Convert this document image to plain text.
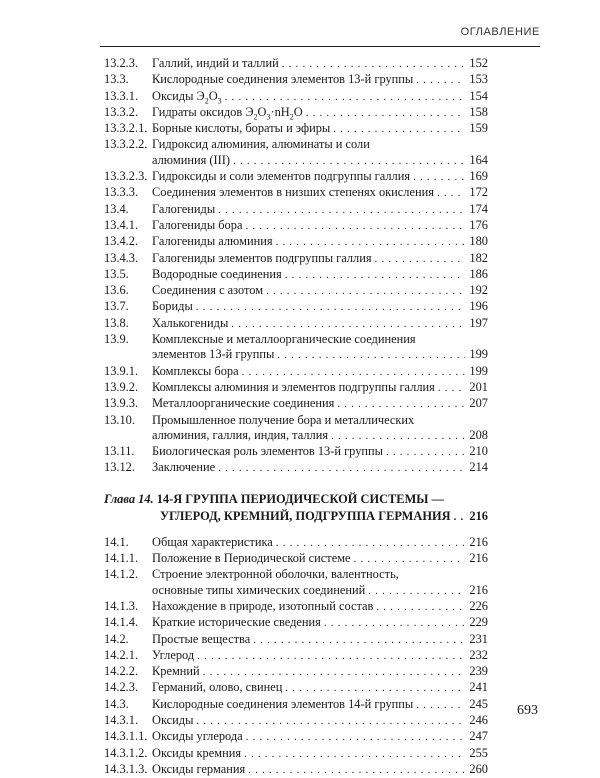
ОГЛАВЛЕНИЕ
13.2.3.	Галлий, индий и таллий . . .	152
13.3.	Кислородные соединения элементов 13-й группы . . .	153
13.3.1.	Оксиды $Э_2O_3$ . . .	154
13.3.2.	Гидраты оксидов $Э_2O_3\cdot nH_2O$ . . .	158
13.3.2.1. Борные кислоты, бораты и эфиры . . .	159
13.3.2.2. Гидроксид алюминия, алюминаты и соли
алюминия (III) . . .	164
13.3.2.3. Гидроксиды и соли элементов подгруппы галлия . . .	169
13.3.3.	Соединения элементов в низших степенях окисления . . .	172
13.4.	Галогениды . . .	174
13.4.1.	Галогениды бора . . .	176
13.4.2.	Галогениды алюминия . . .	180
13.4.3.	Галогениды элементов подгруппы галлия . . .	182
13.5.	Водородные соединения . . .	186
13.6.	Соединения с азотом . . .	192
13.7.	Бориды . . .	196
13.8.	Халькогениды . . .	197
13.9.	Комплексные и металлоорганические соединения
элементов 13-й группы . . .	199
13.9.1.	Комплексы бора . . .	199
13.9.2.	Комплексы алюминия и элементов подгруппы галлия . . .	201
13.9.3.	Металлоорганические соединения . . .	207
13.10.	Промышленное получение бора и металлических
алюминия, галлия, индия, таллия . . .	208
13.11.	Биологическая роль элементов 13-й группы . . .	210
13.12.	Заключение . . .	214
Глава 14.
14-Я ГРУППА ПЕРИОДИЧЕСКОЙ СИСТЕМЫ —
УГЛЕРОД, КРЕМНИЙ, ПОДГРУППА ГЕРМАНИЯ . . . 216
14.1.	Общая характеристика . . .	216
14.1.1.	Положение в Периодической системе . . .	216
14.1.2.	Строение электронной оболочки, валентность,
основные типы химических соединений . . .	216
14.1.3.	Нахождение в природе, изотопный состав . . .	226
14.1.4.	Краткие исторические сведения . . .	229
14.2.	Простые вещества . . .	231
14.2.1.	Углерод . . .	232
14.2.2.	Кремний . . .	239
14.2.3.	Германий, олово, свинец . . .	241
14.3.	Кислородные соединения элементов 14-й группы . . .	245
14.3.1.	Оксиды . . .	246
14.3.1.1. Оксиды углерода . . .	247
14.3.1.2. Оксиды кремния . . .	255
14.3.1.3. Оксиды германия . . .	260
693
